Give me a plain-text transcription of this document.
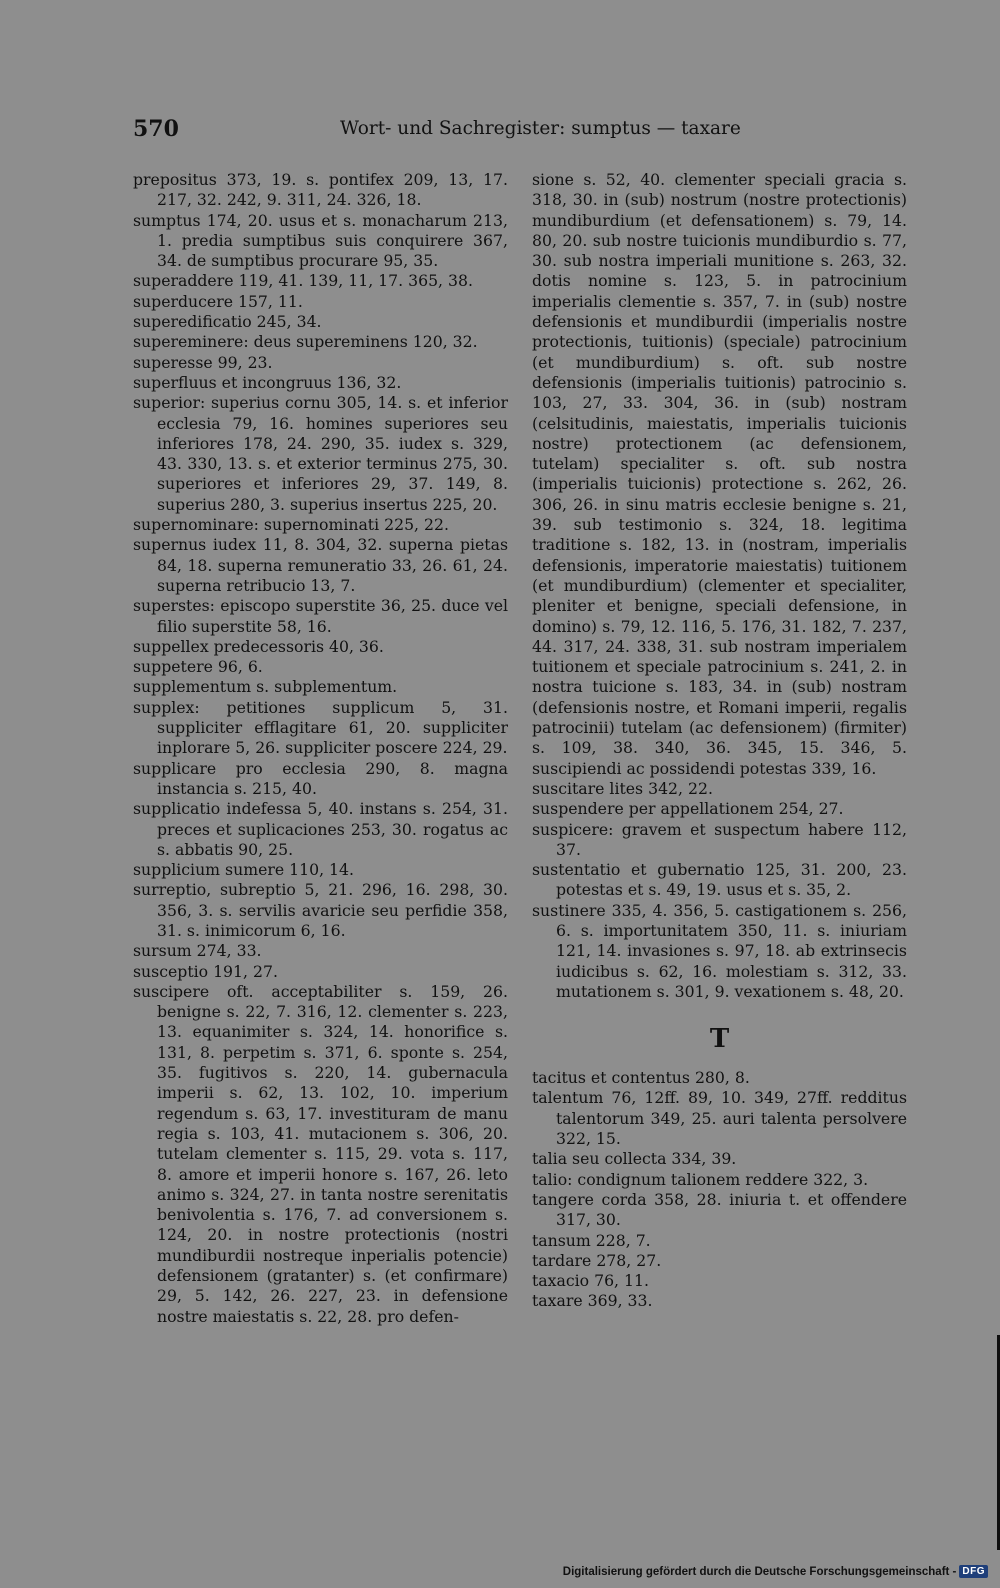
570	Wort- und Sachregister: sumptus — taxare

prepositus 373, 19. s. pontifex 209, 13, 17. 217, 32. 242, 9. 311, 24. 326, 18.

sumptus 174, 20. usus et s. monacharum 213, 1. predia sumptibus suis conquirere 367, 34. de sumptibus procurare 95, 35.

superaddere 119, 41. 139, 11, 17. 365, 38.

superducere 157, 11.

superedificatio 245, 34.

supereminere: deus supereminens 120, 32.

superesse 99, 23.

superfluus et incongruus 136, 32.

superior: superius cornu 305, 14. s. et inferior ecclesia 79, 16. homines superiores seu inferiores 178, 24. 290, 35. iudex s. 329, 43. 330, 13. s. et exterior terminus 275, 30. superiores et inferiores 29, 37. 149, 8. superius 280, 3. superius insertus 225, 20.

supernominare: supernominati 225, 22.

supernus iudex 11, 8. 304, 32. superna pietas 84, 18. superna remuneratio 33, 26. 61, 24. superna retribucio 13, 7.

superstes: episcopo superstite 36, 25. duce vel filio superstite 58, 16.

suppellex predecessoris 40, 36.

suppetere 96, 6.

supplementum s. subplementum.

supplex: petitiones supplicum 5, 31. suppliciter efflagitare 61, 20. suppliciter inplorare 5, 26. suppliciter poscere 224, 29.

supplicare pro ecclesia 290, 8. magna instancia s. 215, 40.

supplicatio indefessa 5, 40. instans s. 254, 31. preces et suplicaciones 253, 30. rogatus ac s. abbatis 90, 25.

supplicium sumere 110, 14.

surreptio, subreptio 5, 21. 296, 16. 298, 30. 356, 3. s. servilis avaricie seu perfidie 358, 31. s. inimicorum 6, 16.

sursum 274, 33.

susceptio 191, 27.

suscipere oft. acceptabiliter s. 159, 26. benigne s. 22, 7. 316, 12. clementer s. 223, 13. equanimiter s. 324, 14. honorifice s. 131, 8. perpetim s. 371, 6. sponte s. 254, 35. fugitivos s. 220, 14. gubernacula imperii s. 62, 13. 102, 10. imperium regendum s. 63, 17. investituram de manu regia s. 103, 41. mutacionem s. 306, 20. tutelam clementer s. 115, 29. vota s. 117, 8. amore et imperii honore s. 167, 26. leto animo s. 324, 27. in tanta nostre serenitatis benivolentia s. 176, 7. ad conversionem s. 124, 20. in nostre protectionis (nostri mundiburdii nostreque inperialis potencie) defensionem (gratanter) s. (et confirmare) 29, 5. 142, 26. 227, 23. in defensione nostre maiestatis s. 22, 28. pro defen-

sione s. 52, 40. clementer speciali gracia s. 318, 30. in (sub) nostrum (nostre protectionis) mundiburdium (et defensationem) s. 79, 14. 80, 20. sub nostre tuicionis mundiburdio s. 77, 30. sub nostra imperiali munitione s. 263, 32. dotis nomine s. 123, 5. in patrocinium imperialis clementie s. 357, 7. in (sub) nostre defensionis et mundiburdii (imperialis nostre protectionis, tuitionis) (speciale) patrocinium (et mundiburdium) s. oft. sub nostre defensionis (imperialis tuitionis) patrocinio s. 103, 27, 33. 304, 36. in (sub) nostram (celsitudinis, maiestatis, imperialis tuicionis nostre) protectionem (ac defensionem, tutelam) specialiter s. oft. sub nostra (imperialis tuicionis) protectione s. 262, 26. 306, 26. in sinu matris ecclesie benigne s. 21, 39. sub testimonio s. 324, 18. legitima traditione s. 182, 13. in (nostram, imperialis defensionis, imperatorie maiestatis) tuitionem (et mundiburdium) (clementer et specialiter, pleniter et benigne, speciali defensione, in domino) s. 79, 12. 116, 5. 176, 31. 182, 7. 237, 44. 317, 24. 338, 31. sub nostram imperialem tuitionem et speciale patrocinium s. 241, 2. in nostra tuicione s. 183, 34. in (sub) nostram (defensionis nostre, et Romani imperii, regalis patrocinii) tutelam (ac defensionem) (firmiter) s. 109, 38. 340, 36. 345, 15. 346, 5. suscipiendi ac possidendi potestas 339, 16.

suscitare lites 342, 22.

suspendere per appellationem 254, 27.

suspicere: gravem et suspectum habere 112, 37.

sustentatio et gubernatio 125, 31. 200, 23. potestas et s. 49, 19. usus et s. 35, 2.

sustinere 335, 4. 356, 5. castigationem s. 256, 6. s. importunitatem 350, 11. s. iniuriam 121, 14. invasiones s. 97, 18. ab extrinsecis iudicibus s. 62, 16. molestiam s. 312, 33. mutationem s. 301, 9. vexationem s. 48, 20.

T

tacitus et contentus 280, 8.

talentum 76, 12ff. 89, 10. 349, 27ff. redditus talentorum 349, 25. auri talenta persolvere 322, 15.

talia seu collecta 334, 39.

talio: condignum talionem reddere 322, 3.

tangere corda 358, 28. iniuria t. et offendere 317, 30.

tansum 228, 7.

tardare 278, 27.

taxacio 76, 11.

taxare 369, 33.

Digitalisierung gefördert durch die Deutsche Forschungsgemeinschaft - DFG
